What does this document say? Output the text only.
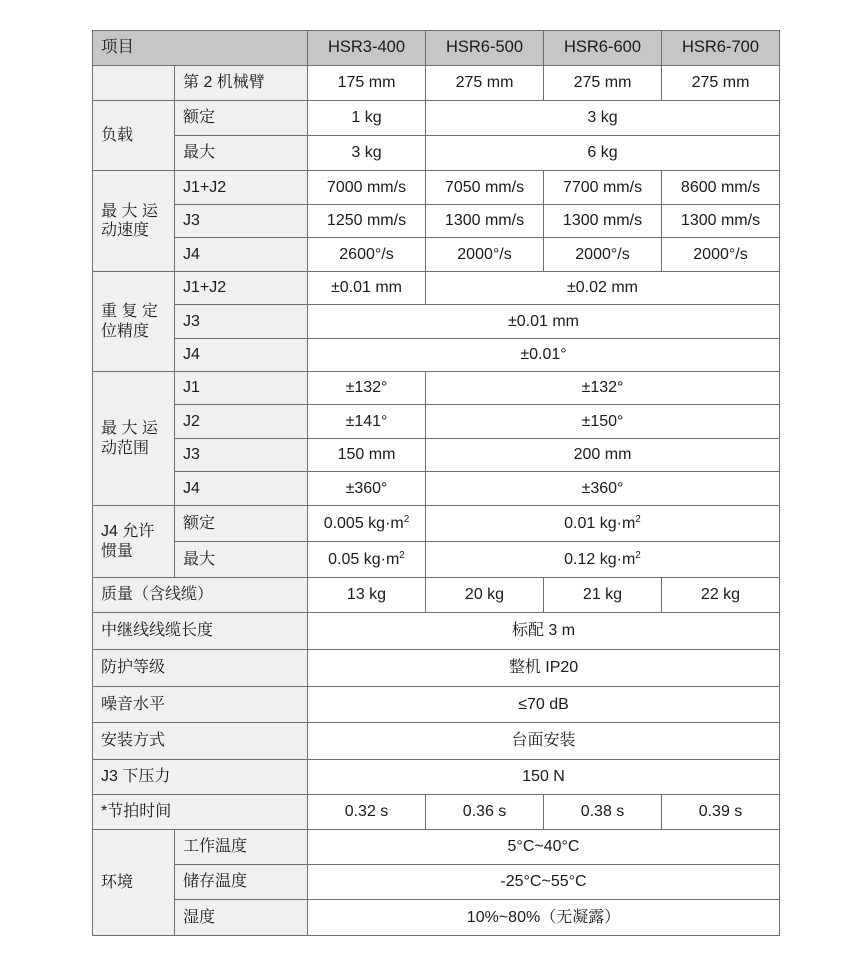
项目		HSR3-400	HSR6-500	HSR6-600	HSR6-700
	第 2 机械臂	175 mm	275 mm	275 mm	275 mm
负载	额定	1 kg	3 kg		
	最大	3 kg	6 kg		

最 大 运
动速度	J1+J2	7000 mm/s	7050 mm/s	7700 mm/s	8600 mm/s
	J3	1250 mm/s	1300 mm/s	1300 mm/s	1300 mm/s
	J4	2600°/s	2000°/s	2000°/s	2000°/s

重 复 定
位精度	J1+J2	±0.01 mm	±0.02 mm		
	J3	±0.01 mm			
	J4	±0.01°			

最 大 运
动范围	J1	±132°	±132°		
	J2	±141°	±150°		
	J3	150 mm	200 mm		
	J4	±360°	±360°		

J4 允许
惯量	额定	0.005 $kg\cdot m^2$	0.01 $kg\cdot m^2$
	最大	0.05 $kg\cdot m^2$	0.12 $kg\cdot m^2$
质量（含线缆）		13 kg	20 kg	21 kg	22 kg
中继线线缆长度		标配 3 m			
防护等级		整机 IP20			
噪音水平		≤70 dB			
安装方式		台面安装			
J3 下压力		150 N			
*节拍时间		0.32 s	0.36 s	0.38 s	0.39 s
环境	工作温度	5°C~40°C			
	储存温度	-25°C~55°C			
	湿度	10%~80%（无凝露）			
